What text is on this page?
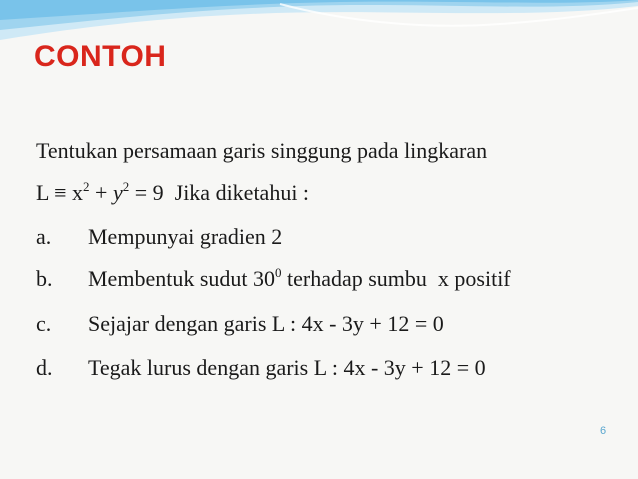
CONTOH
Tentukan persamaan garis singgung pada lingkaran
$L \equiv x^2 + y^2 = 9$  Jika diketahui :
a. Mempunyai gradien 2
b. Membentuk sudut $30^0$ terhadap sumbu  x positif
c. Sejajar dengan garis L : 4x - 3y + 12 = 0
d. Tegak lurus dengan garis L : 4x - 3y + 12 = 0
6
